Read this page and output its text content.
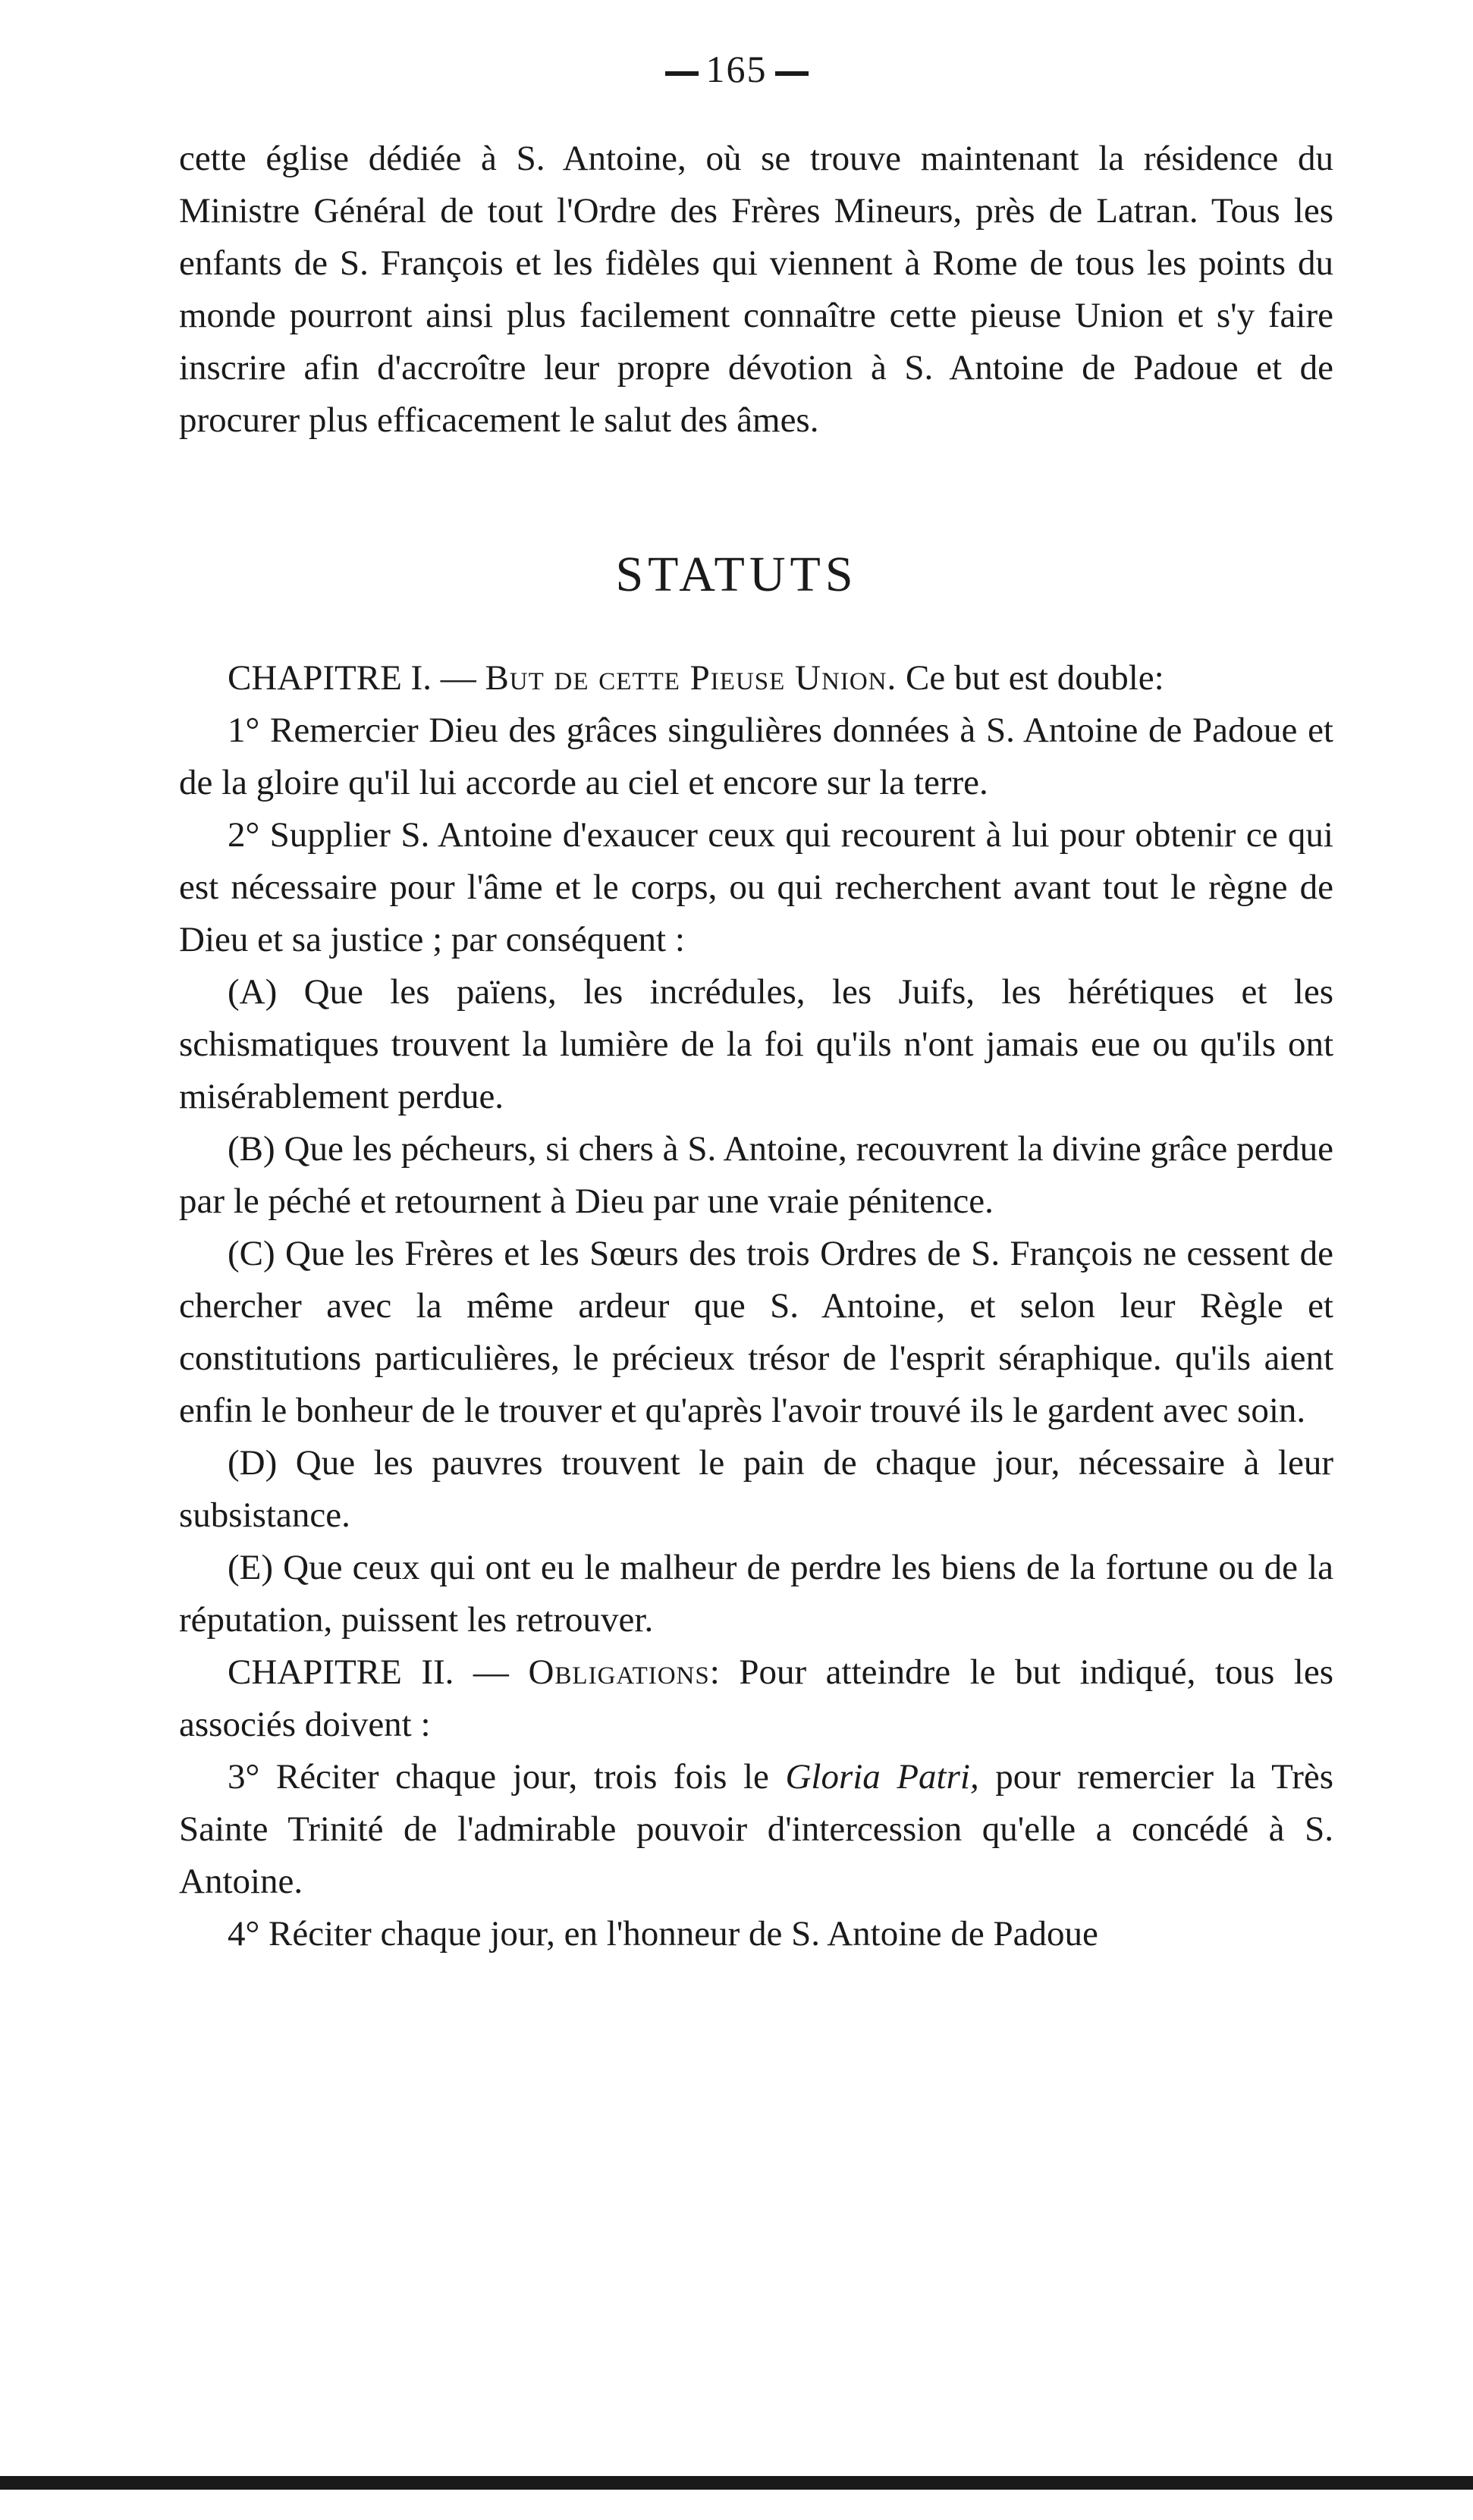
165

cette église dédiée à S. Antoine, où se trouve maintenant la résidence du Ministre Général de tout l'Ordre des Frères Mineurs, près de Latran. Tous les enfants de S. François et les fidèles qui viennent à Rome de tous les points du monde pourront ainsi plus facilement connaître cette pieuse Union et s'y faire inscrire afin d'accroître leur propre dévotion à S. Antoine de Padoue et de procurer plus efficacement le salut des âmes.

STATUTS

CHAPITRE I. — But de cette Pieuse Union. Ce but est double:

1° Remercier Dieu des grâces singulières données à S. Antoine de Padoue et de la gloire qu'il lui accorde au ciel et encore sur la terre.

2° Supplier S. Antoine d'exaucer ceux qui recourent à lui pour obtenir ce qui est nécessaire pour l'âme et le corps, ou qui recherchent avant tout le règne de Dieu et sa justice ; par conséquent :

(A) Que les païens, les incrédules, les Juifs, les hérétiques et les schismatiques trouvent la lumière de la foi qu'ils n'ont jamais eue ou qu'ils ont misérablement perdue.

(B) Que les pécheurs, si chers à S. Antoine, recouvrent la divine grâce perdue par le péché et retournent à Dieu par une vraie pénitence.

(C) Que les Frères et les Sœurs des trois Ordres de S. François ne cessent de chercher avec la même ardeur que S. Antoine, et selon leur Règle et constitutions particulières, le précieux trésor de l'esprit séraphique. qu'ils aient enfin le bonheur de le trouver et qu'après l'avoir trouvé ils le gardent avec soin.

(D) Que les pauvres trouvent le pain de chaque jour, nécessaire à leur subsistance.

(E) Que ceux qui ont eu le malheur de perdre les biens de la fortune ou de la réputation, puissent les retrouver.

CHAPITRE II. — Obligations: Pour atteindre le but indiqué, tous les associés doivent :

3° Réciter chaque jour, trois fois le Gloria Patri, pour remercier la Très Sainte Trinité de l'admirable pouvoir d'intercession qu'elle a concédé à S. Antoine.

4° Réciter chaque jour, en l'honneur de S. Antoine de Padoue
